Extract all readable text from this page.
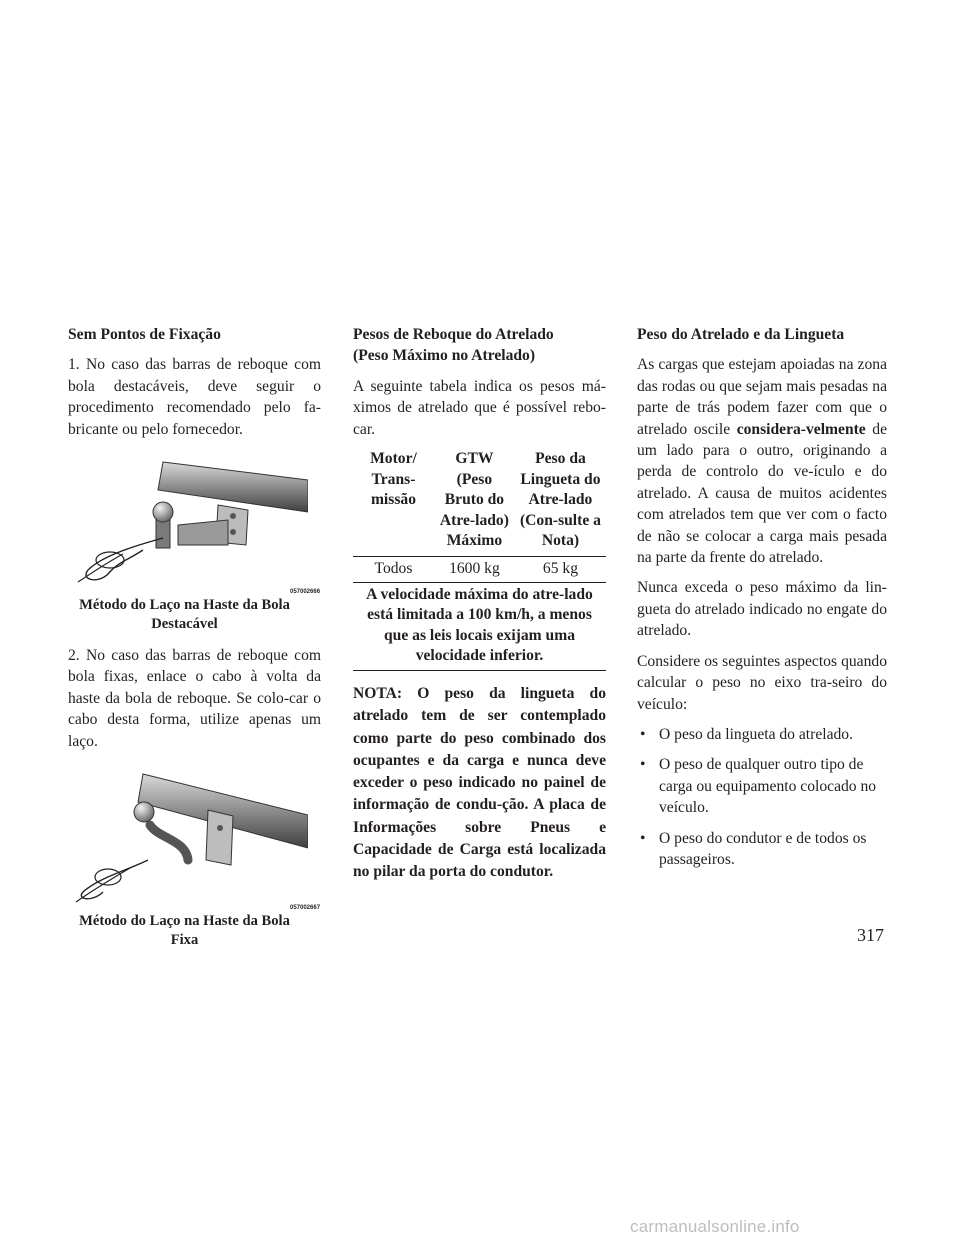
Sem Pontos de Fixação

1. No caso das barras de reboque com bola destacáveis, deve seguir o procedimento recomendado pelo fa-bricante ou pelo fornecedor.

057002666
Método do Laço na Haste da Bola
Destacável

2. No caso das barras de reboque com bola fixas, enlace o cabo à volta da haste da bola de reboque. Se colo-car o cabo desta forma, utilize apenas um laço.

057002667
Método do Laço na Haste da Bola
Fixa
Pesos de Reboque do Atrelado
(Peso Máximo no Atrelado)

A seguinte tabela indica os pesos má-ximos de atrelado que é possível rebo-car.

Motor/ Trans-missão	GTW (Peso Bruto do Atre-lado) Máximo	Peso da Lingueta do Atre-lado (Con-sulte a Nota)
Todos	1600 kg	65 kg
A velocidade máxima do atre-lado está limitada a 100 km/h, a menos que as leis locais exijam uma velocidade inferior.		

NOTA: O peso da lingueta do atrelado tem de ser contemplado como parte do peso combinado dos ocupantes e da carga e nunca deve exceder o peso indicado no painel de informação de condu-ção. A placa de Informações sobre Pneus e Capacidade de Carga está localizada no pilar da porta do condutor.

Peso do Atrelado e da Lingueta

As cargas que estejam apoiadas na zona das rodas ou que sejam mais pesadas na parte de trás podem fazer com que o atrelado oscile considera-velmente de um lado para o outro, originando a perda de controlo do ve-ículo e do atrelado. A causa de muitos acidentes com atrelados tem que ver com o facto de não se colocar a carga mais pesada na parte da frente do atrelado.

Nunca exceda o peso máximo da lin-gueta do atrelado indicado no engate do atrelado.

Considere os seguintes aspectos quando calcular o peso no eixo tra-seiro do veículo:

• O peso da lingueta do atrelado.
• O peso de qualquer outro tipo de carga ou equipamento colocado no veículo.
• O peso do condutor e de todos os passageiros.
317
carmanualsonline.info
